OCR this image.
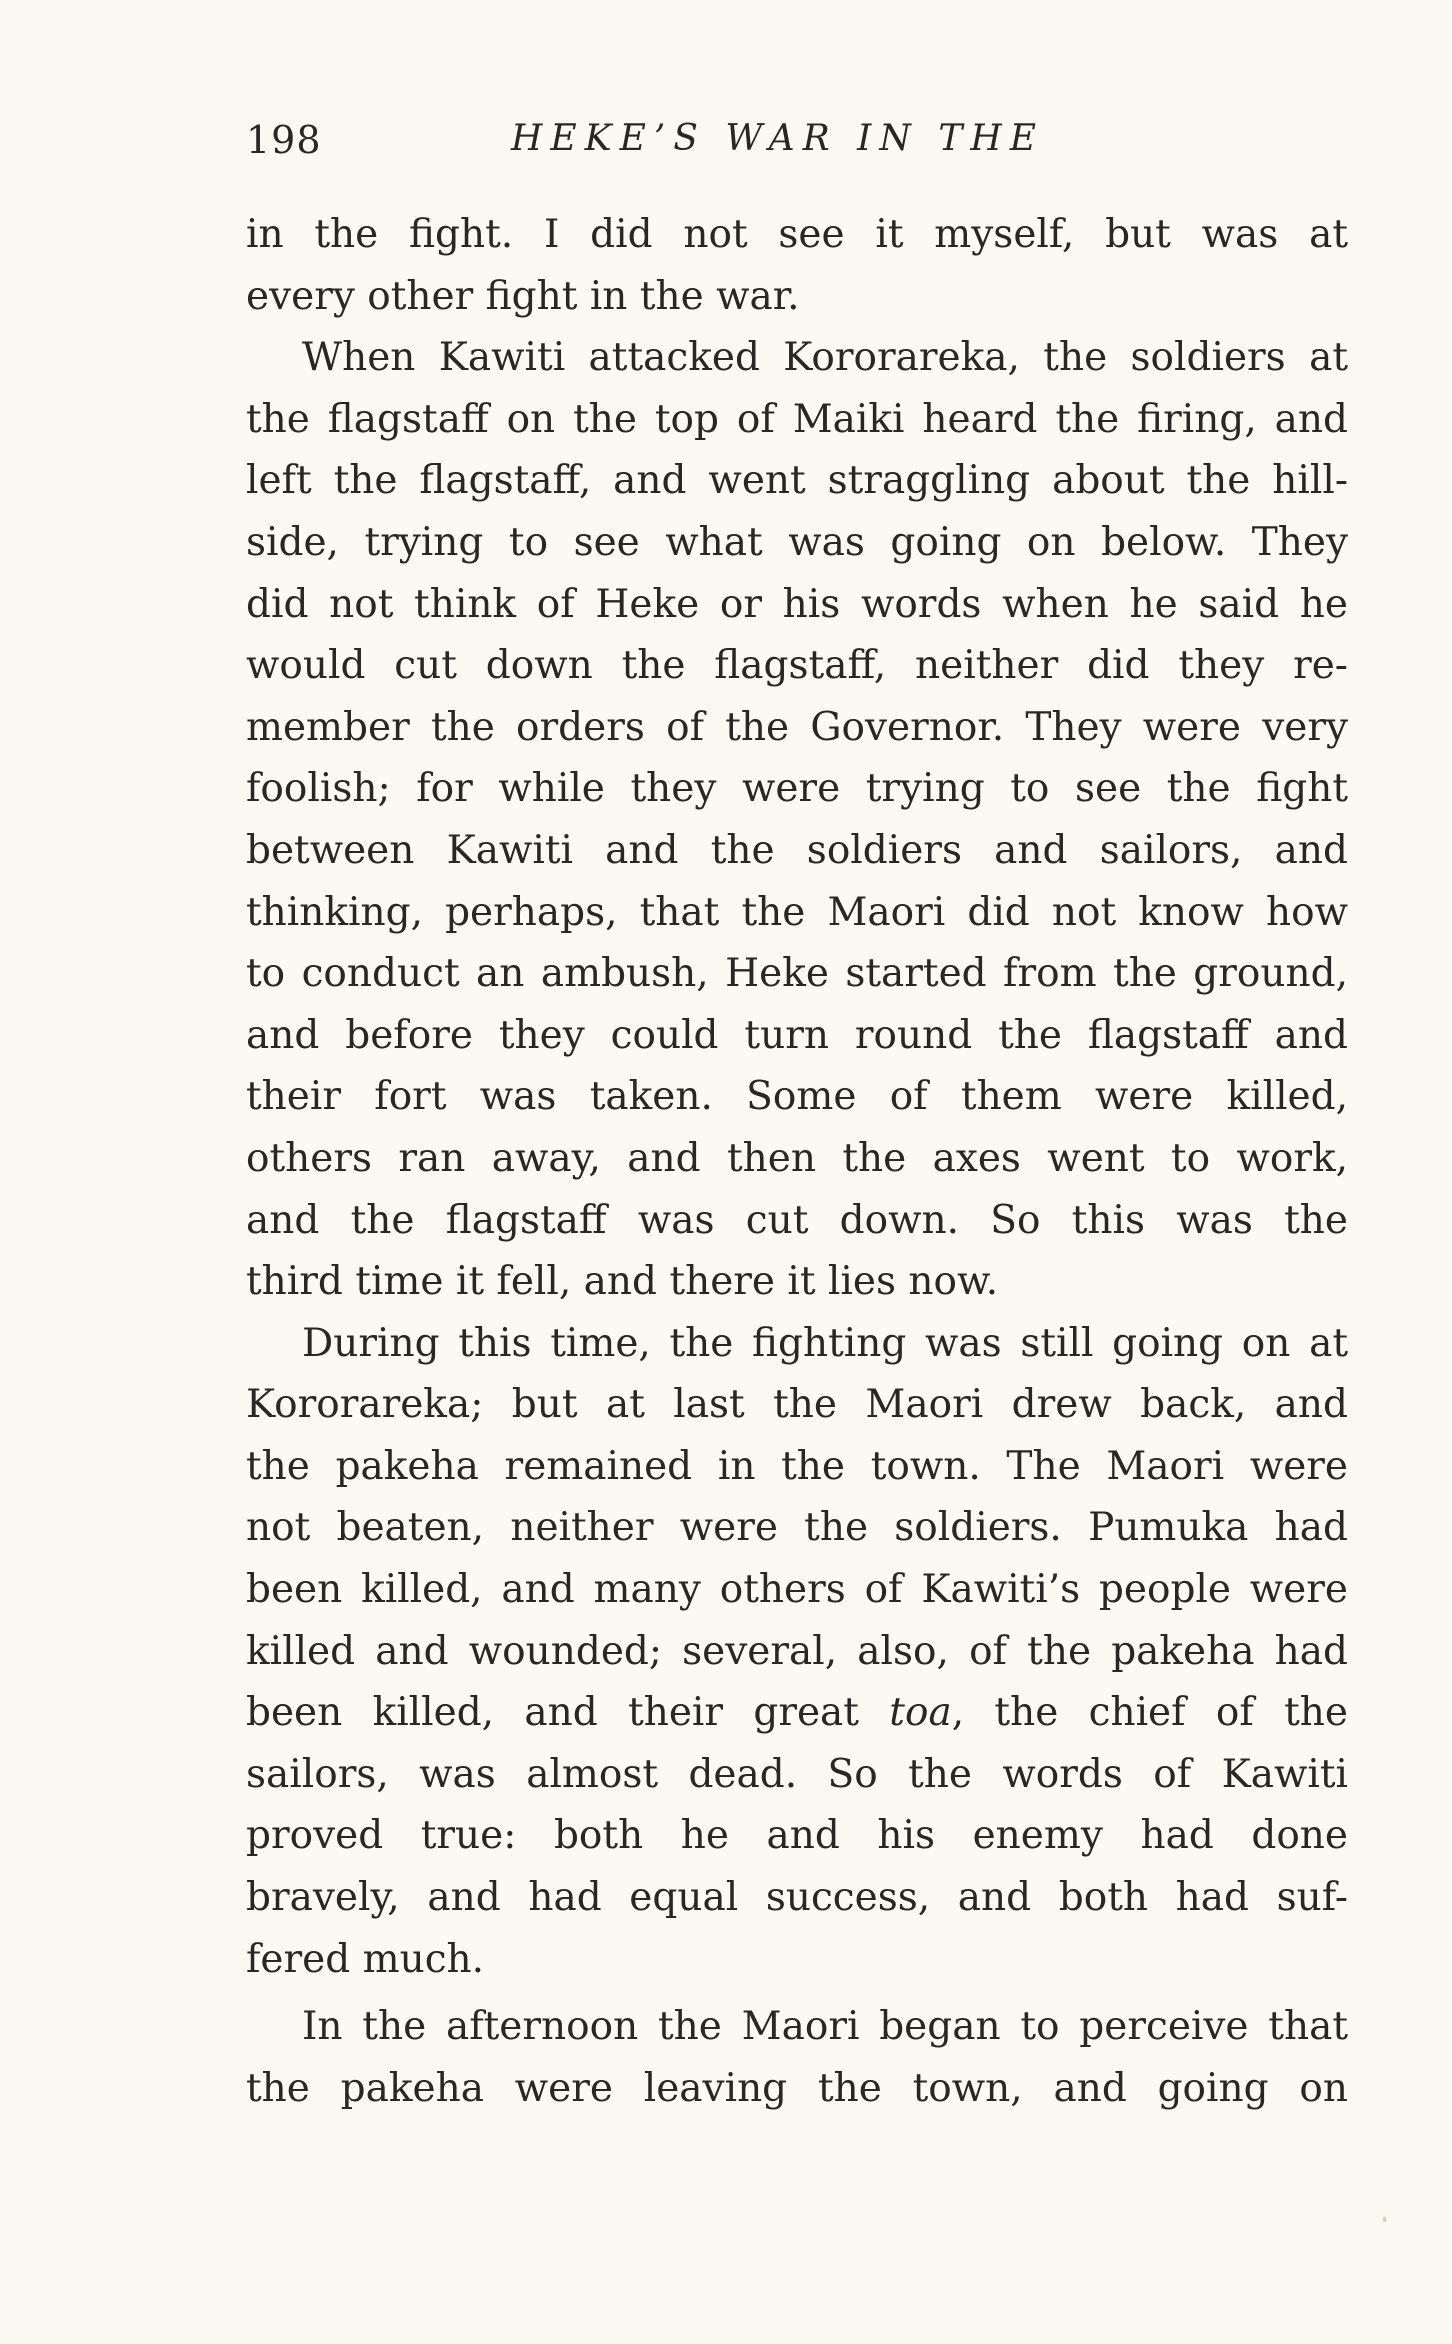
198	HEKE’S WAR IN THE
in the fight. I did not see it myself, but was at
every other fight in the war.
When Kawiti attacked Kororareka, the soldiers at
the flagstaff on the top of Maiki heard the firing, and
left the flagstaff, and went straggling about the hill-
side, trying to see what was going on below. They
did not think of Heke or his words when he said he
would cut down the flagstaff, neither did they re-
member the orders of the Governor. They were very
foolish; for while they were trying to see the fight
between Kawiti and the soldiers and sailors, and
thinking, perhaps, that the Maori did not know how
to conduct an ambush, Heke started from the ground,
and before they could turn round the flagstaff and
their fort was taken. Some of them were killed,
others ran away, and then the axes went to work,
and the flagstaff was cut down. So this was the
third time it fell, and there it lies now.
During this time, the fighting was still going on at
Kororareka; but at last the Maori drew back, and
the pakeha remained in the town. The Maori were
not beaten, neither were the soldiers. Pumuka had
been killed, and many others of Kawiti’s people were
killed and wounded; several, also, of the pakeha had
been killed, and their great toa, the chief of the
sailors, was almost dead. So the words of Kawiti
proved true: both he and his enemy had done
bravely, and had equal success, and both had suf-
fered much.
In the afternoon the Maori began to perceive that
the pakeha were leaving the town, and going on
